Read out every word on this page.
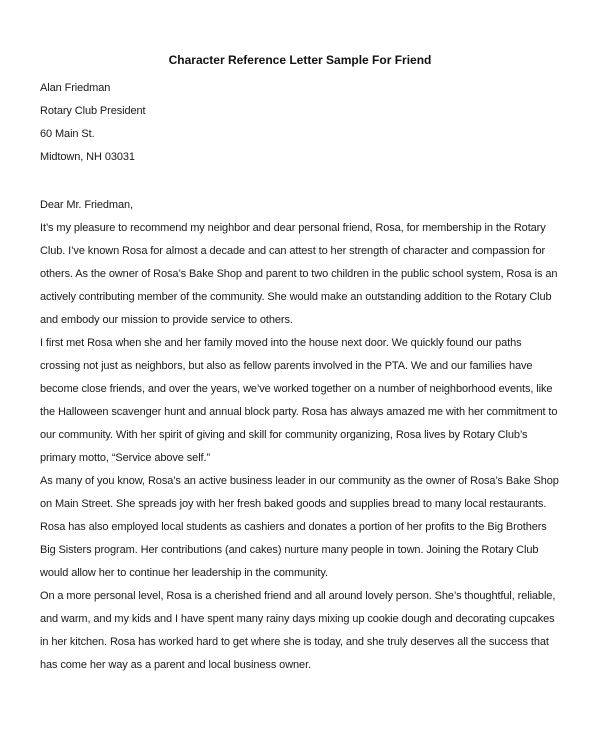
Character Reference Letter Sample For Friend
Alan Friedman
Rotary Club President
60 Main St.
Midtown, NH 03031
Dear Mr. Friedman,
It’s my pleasure to recommend my neighbor and dear personal friend, Rosa, for membership in the Rotary Club. I’ve known Rosa for almost a decade and can attest to her strength of character and compassion for others. As the owner of Rosa’s Bake Shop and parent to two children in the public school system, Rosa is an actively contributing member of the community. She would make an outstanding addition to the Rotary Club and embody our mission to provide service to others.
I first met Rosa when she and her family moved into the house next door. We quickly found our paths crossing not just as neighbors, but also as fellow parents involved in the PTA. We and our families have become close friends, and over the years, we’ve worked together on a number of neighborhood events, like the Halloween scavenger hunt and annual block party. Rosa has always amazed me with her commitment to our community. With her spirit of giving and skill for community organizing, Rosa lives by Rotary Club’s primary motto, “Service above self.”
As many of you know, Rosa’s an active business leader in our community as the owner of Rosa’s Bake Shop on Main Street. She spreads joy with her fresh baked goods and supplies bread to many local restaurants. Rosa has also employed local students as cashiers and donates a portion of her profits to the Big Brothers Big Sisters program. Her contributions (and cakes) nurture many people in town. Joining the Rotary Club would allow her to continue her leadership in the community.
On a more personal level, Rosa is a cherished friend and all around lovely person. She’s thoughtful, reliable, and warm, and my kids and I have spent many rainy days mixing up cookie dough and decorating cupcakes in her kitchen. Rosa has worked hard to get where she is today, and she truly deserves all the success that has come her way as a parent and local business owner.
